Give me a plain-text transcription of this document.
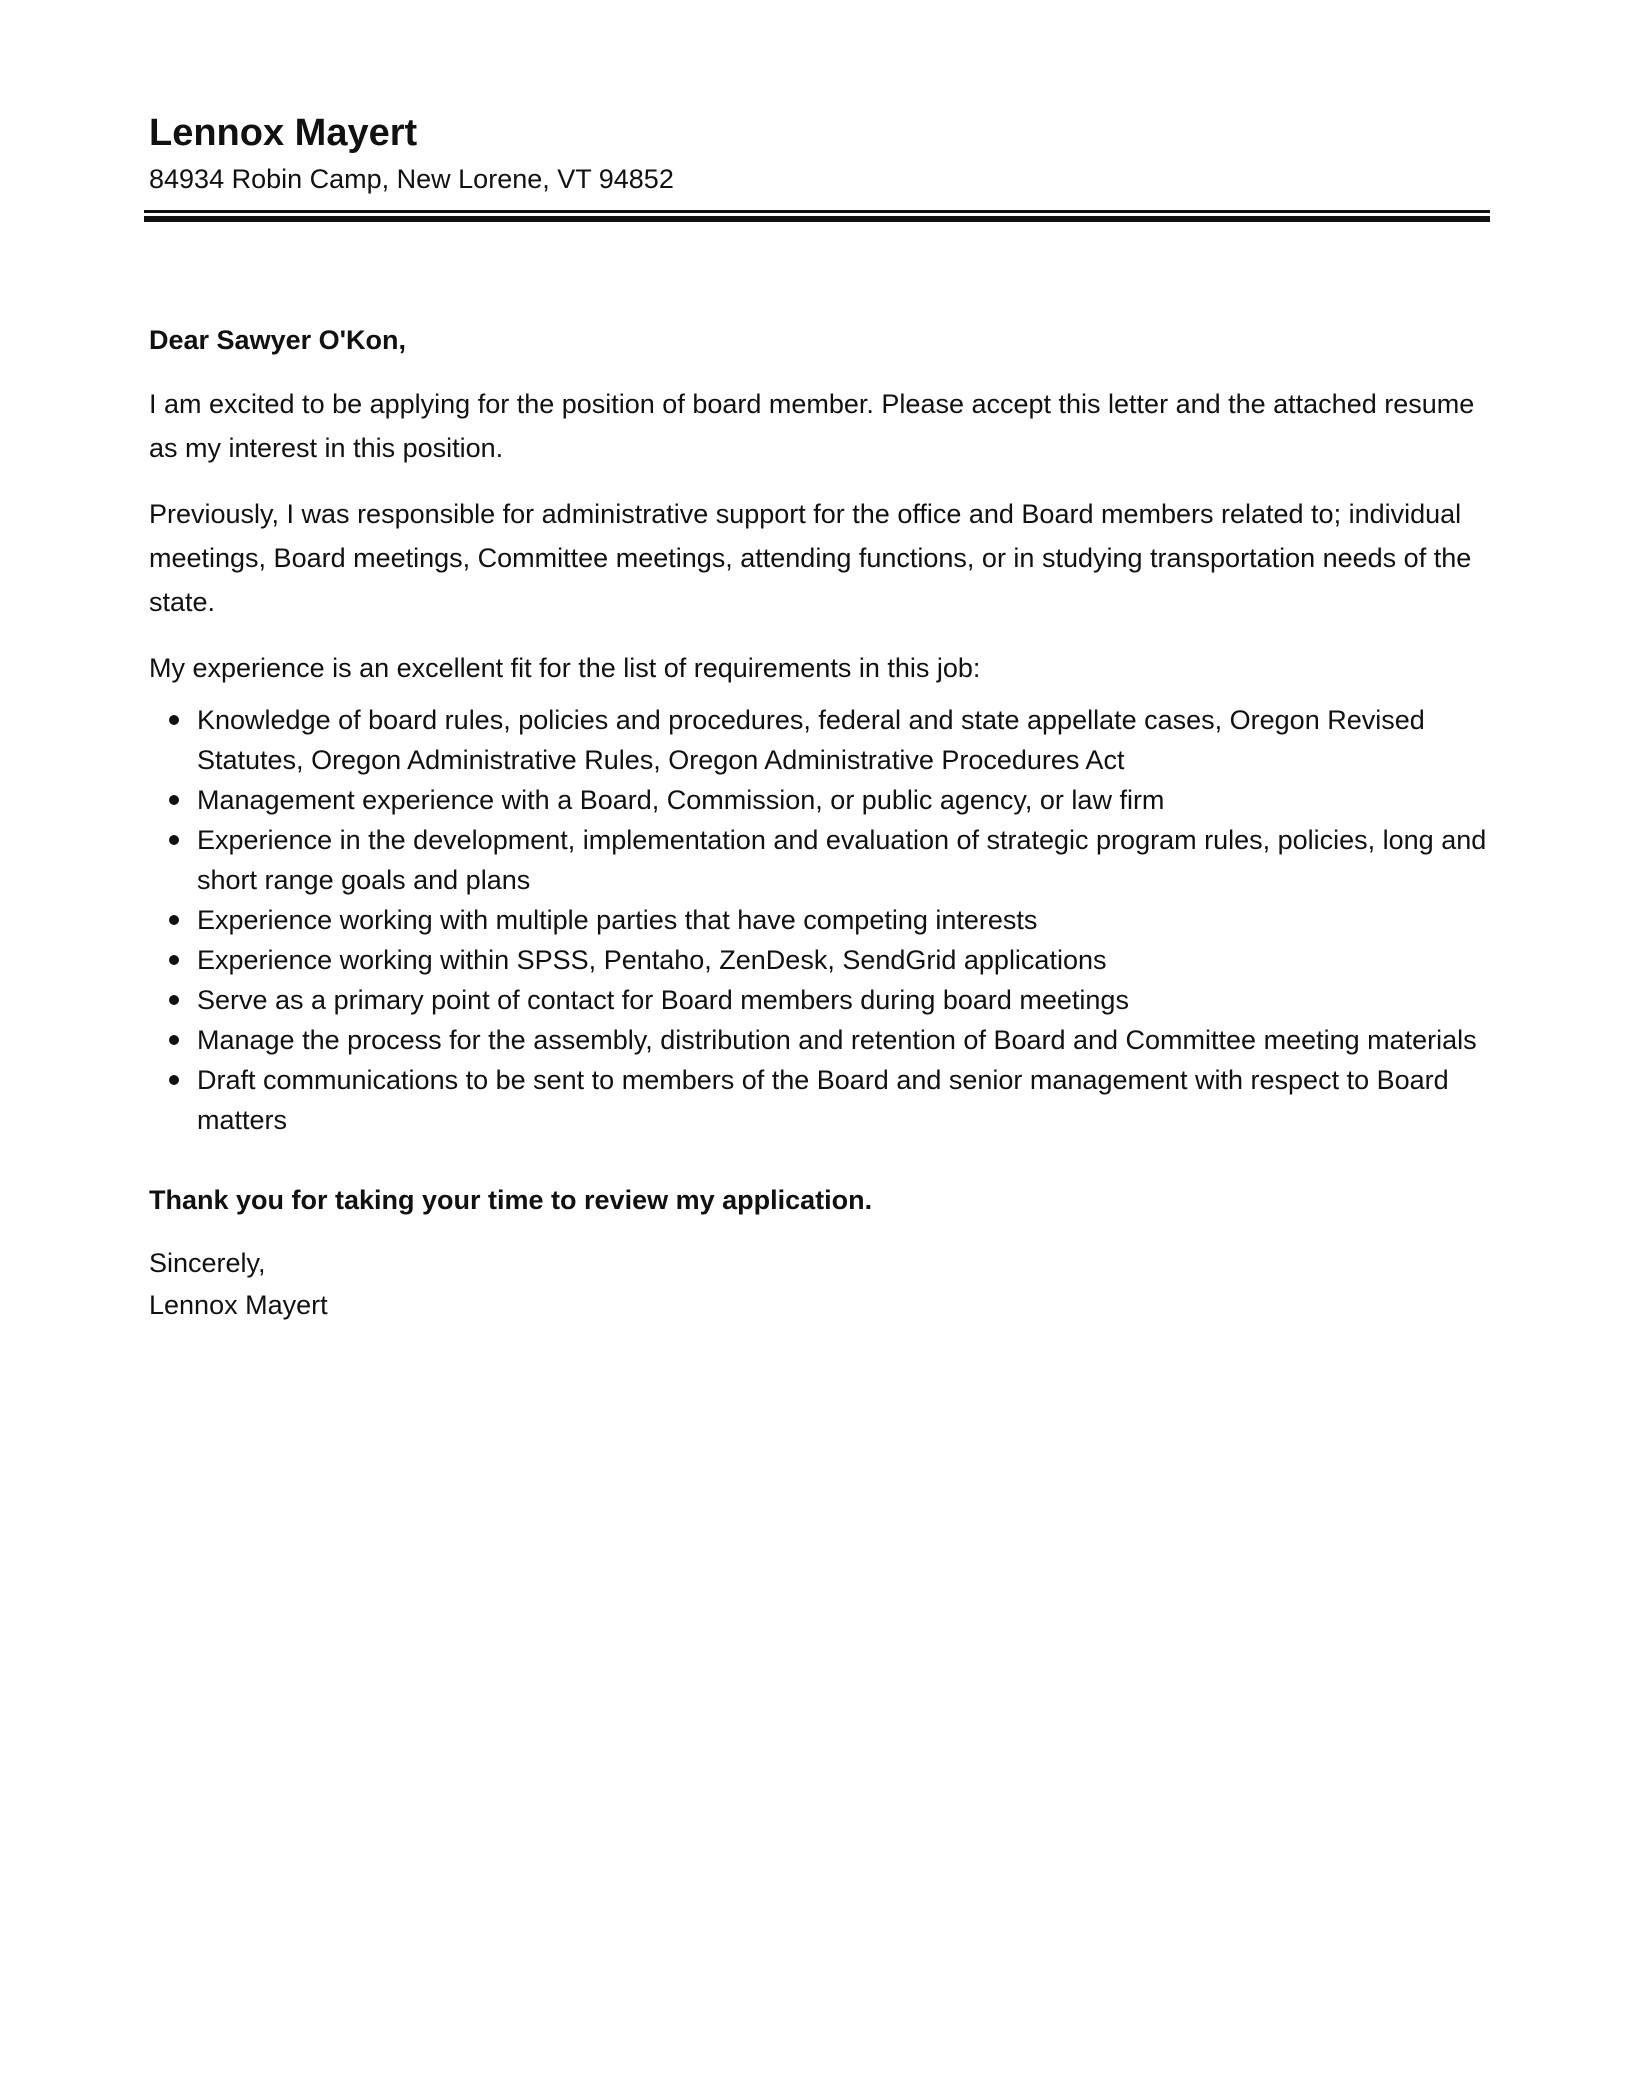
Lennox Mayert

84934 Robin Camp, New Lorene, VT 94852

Dear Sawyer O'Kon,

I am excited to be applying for the position of board member. Please accept this letter and the attached resume as my interest in this position.

Previously, I was responsible for administrative support for the office and Board members related to; individual meetings, Board meetings, Committee meetings, attending functions, or in studying transportation needs of the state.

My experience is an excellent fit for the list of requirements in this job:

Knowledge of board rules, policies and procedures, federal and state appellate cases, Oregon Revised Statutes, Oregon Administrative Rules, Oregon Administrative Procedures Act
Management experience with a Board, Commission, or public agency, or law firm
Experience in the development, implementation and evaluation of strategic program rules, policies, long and short range goals and plans
Experience working with multiple parties that have competing interests
Experience working within SPSS, Pentaho, ZenDesk, SendGrid applications
Serve as a primary point of contact for Board members during board meetings
Manage the process for the assembly, distribution and retention of Board and Committee meeting materials
Draft communications to be sent to members of the Board and senior management with respect to Board matters

Thank you for taking your time to review my application.

Sincerely,

Lennox Mayert
